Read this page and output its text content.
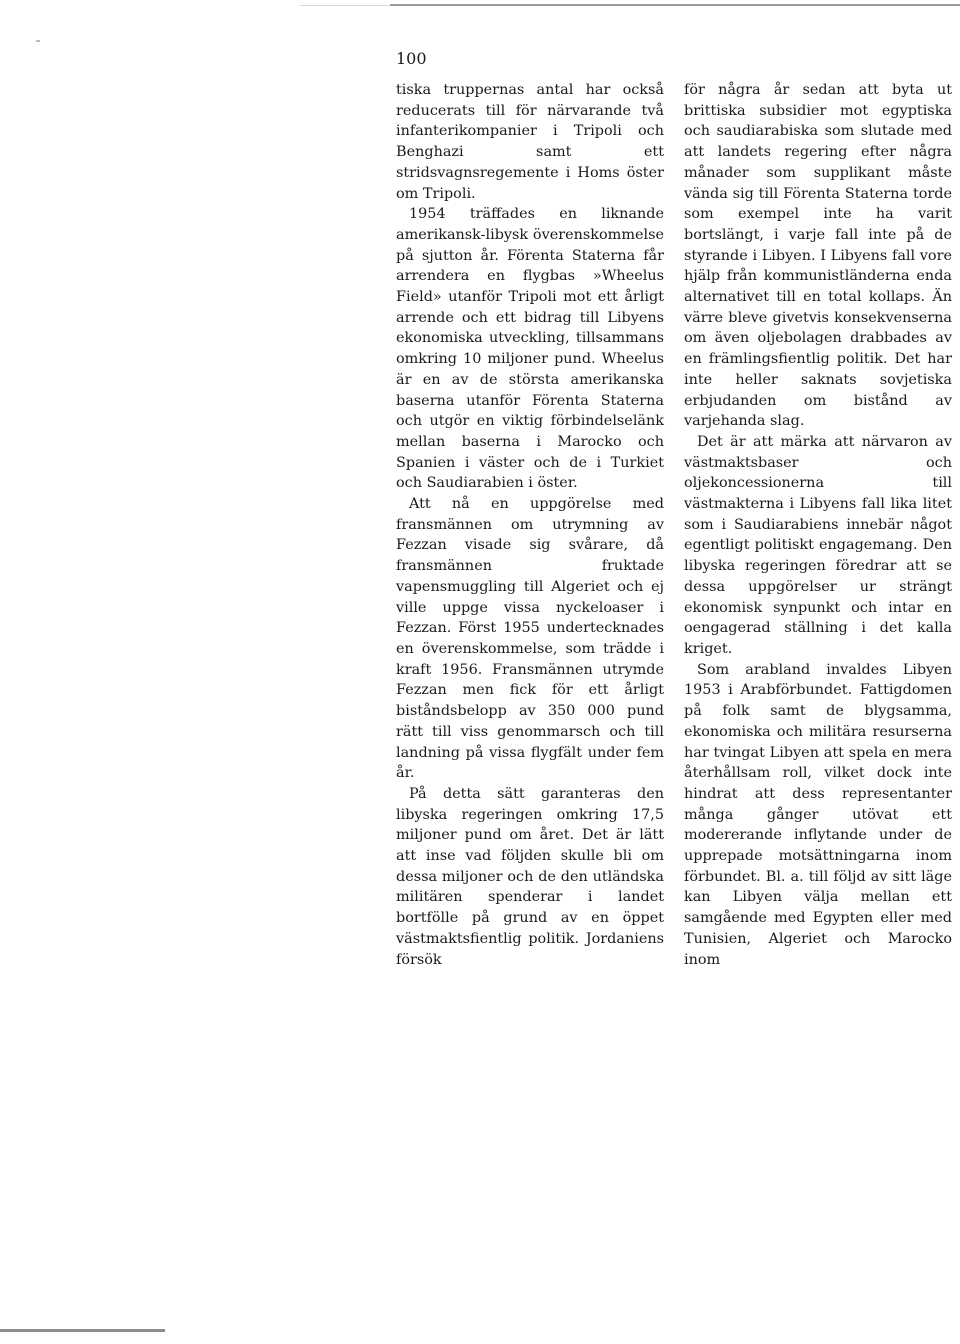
100

tiska truppernas antal har också reducerats till för närvarande två infanterikompanier i Tripoli och Benghazi samt ett stridsvagnsregemente i Homs öster om Tripoli.

1954 träffades en liknande amerikansk-libysk överenskommelse på sjutton år. Förenta Staterna får arrendera en flygbas »Wheelus Field» utanför Tripoli mot ett årligt arrende och ett bidrag till Libyens ekonomiska utveckling, tillsammans omkring 10 miljoner pund. Wheelus är en av de största amerikanska baserna utanför Förenta Staterna och utgör en viktig förbindelselänk mellan baserna i Marocko och Spanien i väster och de i Turkiet och Saudiarabien i öster.

Att nå en uppgörelse med fransmännen om utrymning av Fezzan visade sig svårare, då fransmännen fruktade vapensmuggling till Algeriet och ej ville uppge vissa nyckeloaser i Fezzan. Först 1955 undertecknades en överenskommelse, som trädde i kraft 1956. Fransmännen utrymde Fezzan men fick för ett årligt biståndsbelopp av 350 000 pund rätt till viss genommarsch och till landning på vissa flygfält under fem år.

På detta sätt garanteras den libyska regeringen omkring 17,5 miljoner pund om året. Det är lätt att inse vad följden skulle bli om dessa miljoner och de den utländska militären spenderar i landet bortfölle på grund av en öppet västmaktsfientlig politik. Jordaniens försök

för några år sedan att byta ut brittiska subsidier mot egyptiska och saudiarabiska som slutade med att landets regering efter några månader som supplikant måste vända sig till Förenta Staterna torde som exempel inte ha varit bortslängt, i varje fall inte på de styrande i Libyen. I Libyens fall vore hjälp från kommunistländerna enda alternativet till en total kollaps. Än värre bleve givetvis konsekvenserna om även oljebolagen drabbades av en främlingsfientlig politik. Det har inte heller saknats sovjetiska erbjudanden om bistånd av varjehanda slag.

Det är att märka att närvaron av västmaktsbaser och oljekoncessionerna till västmakterna i Libyens fall lika litet som i Saudiarabiens innebär något egentligt politiskt engagemang. Den libyska regeringen föredrar att se dessa uppgörelser ur strängt ekonomisk synpunkt och intar en oengagerad ställning i det kalla kriget.

Som arabland invaldes Libyen 1953 i Arabförbundet. Fattigdomen på folk samt de blygsamma, ekonomiska och militära resurserna har tvingat Libyen att spela en mera återhållsam roll, vilket dock inte hindrat att dess representanter många gånger utövat ett modererande inflytande under de upprepade motsättningarna inom förbundet. Bl. a. till följd av sitt läge kan Libyen välja mellan ett samgående med Egypten eller med Tunisien, Algeriet och Marocko inom
